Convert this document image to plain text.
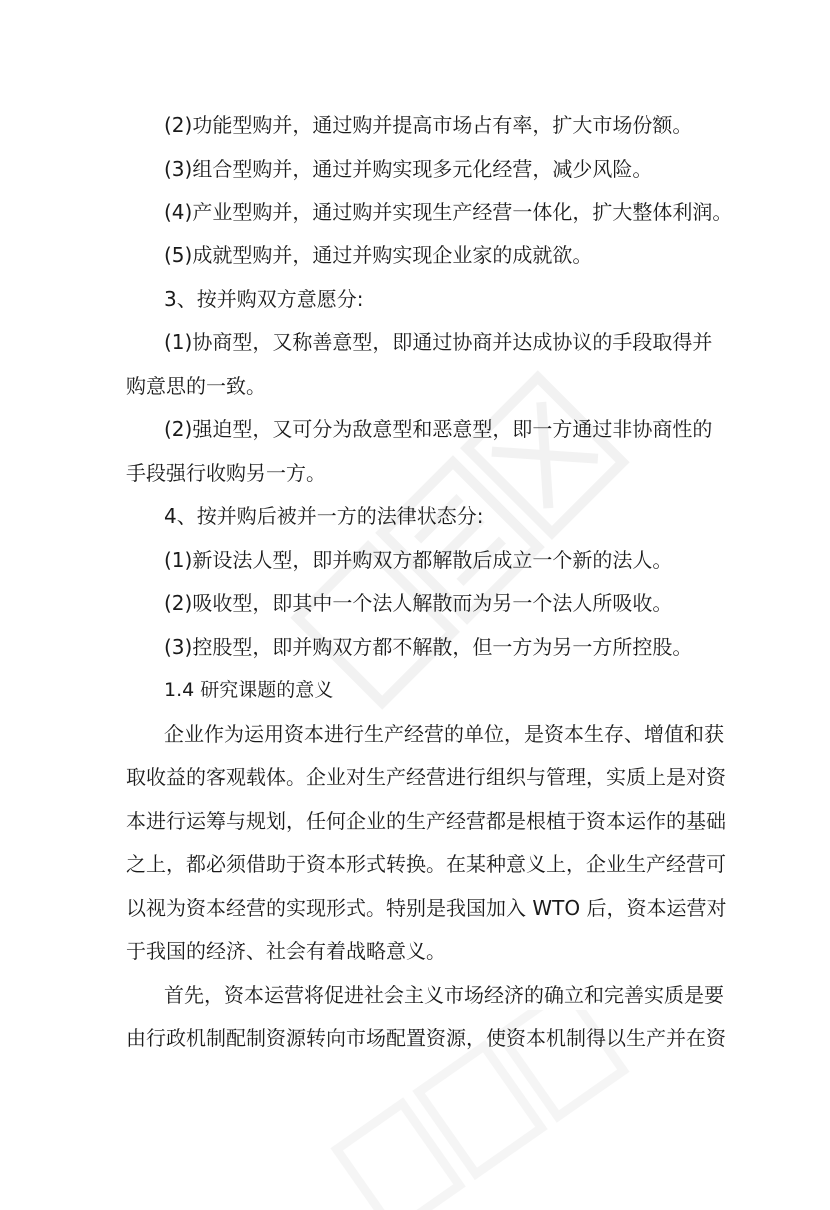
(2)功能型购并，通过购并提高市场占有率，扩大市场份额。
(3)组合型购并，通过并购实现多元化经营，减少风险。
(4)产业型购并，通过购并实现生产经营一体化，扩大整体利润。
(5)成就型购并，通过并购实现企业家的成就欲。
3、按并购双方意愿分:
(1)协商型，又称善意型，即通过协商并达成协议的手段取得并
购意思的一致。
(2)强迫型，又可分为敌意型和恶意型，即一方通过非协商性的
手段强行收购另一方。
4、按并购后被并一方的法律状态分:
(1)新设法人型，即并购双方都解散后成立一个新的法人。
(2)吸收型，即其中一个法人解散而为另一个法人所吸收。
(3)控股型，即并购双方都不解散，但一方为另一方所控股。
1.4 研究课题的意义
企业作为运用资本进行生产经营的单位，是资本生存、增值和获
取收益的客观载体。企业对生产经营进行组织与管理，实质上是对资
本进行运筹与规划，任何企业的生产经营都是根植于资本运作的基础
之上，都必须借助于资本形式转换。在某种意义上，企业生产经营可
以视为资本经营的实现形式。特别是我国加入 WTO 后，资本运营对
于我国的经济、社会有着战略意义。
首先，资本运营将促进社会主义市场经济的确立和完善实质是要
由行政机制配制资源转向市场配置资源，使资本机制得以生产并在资
